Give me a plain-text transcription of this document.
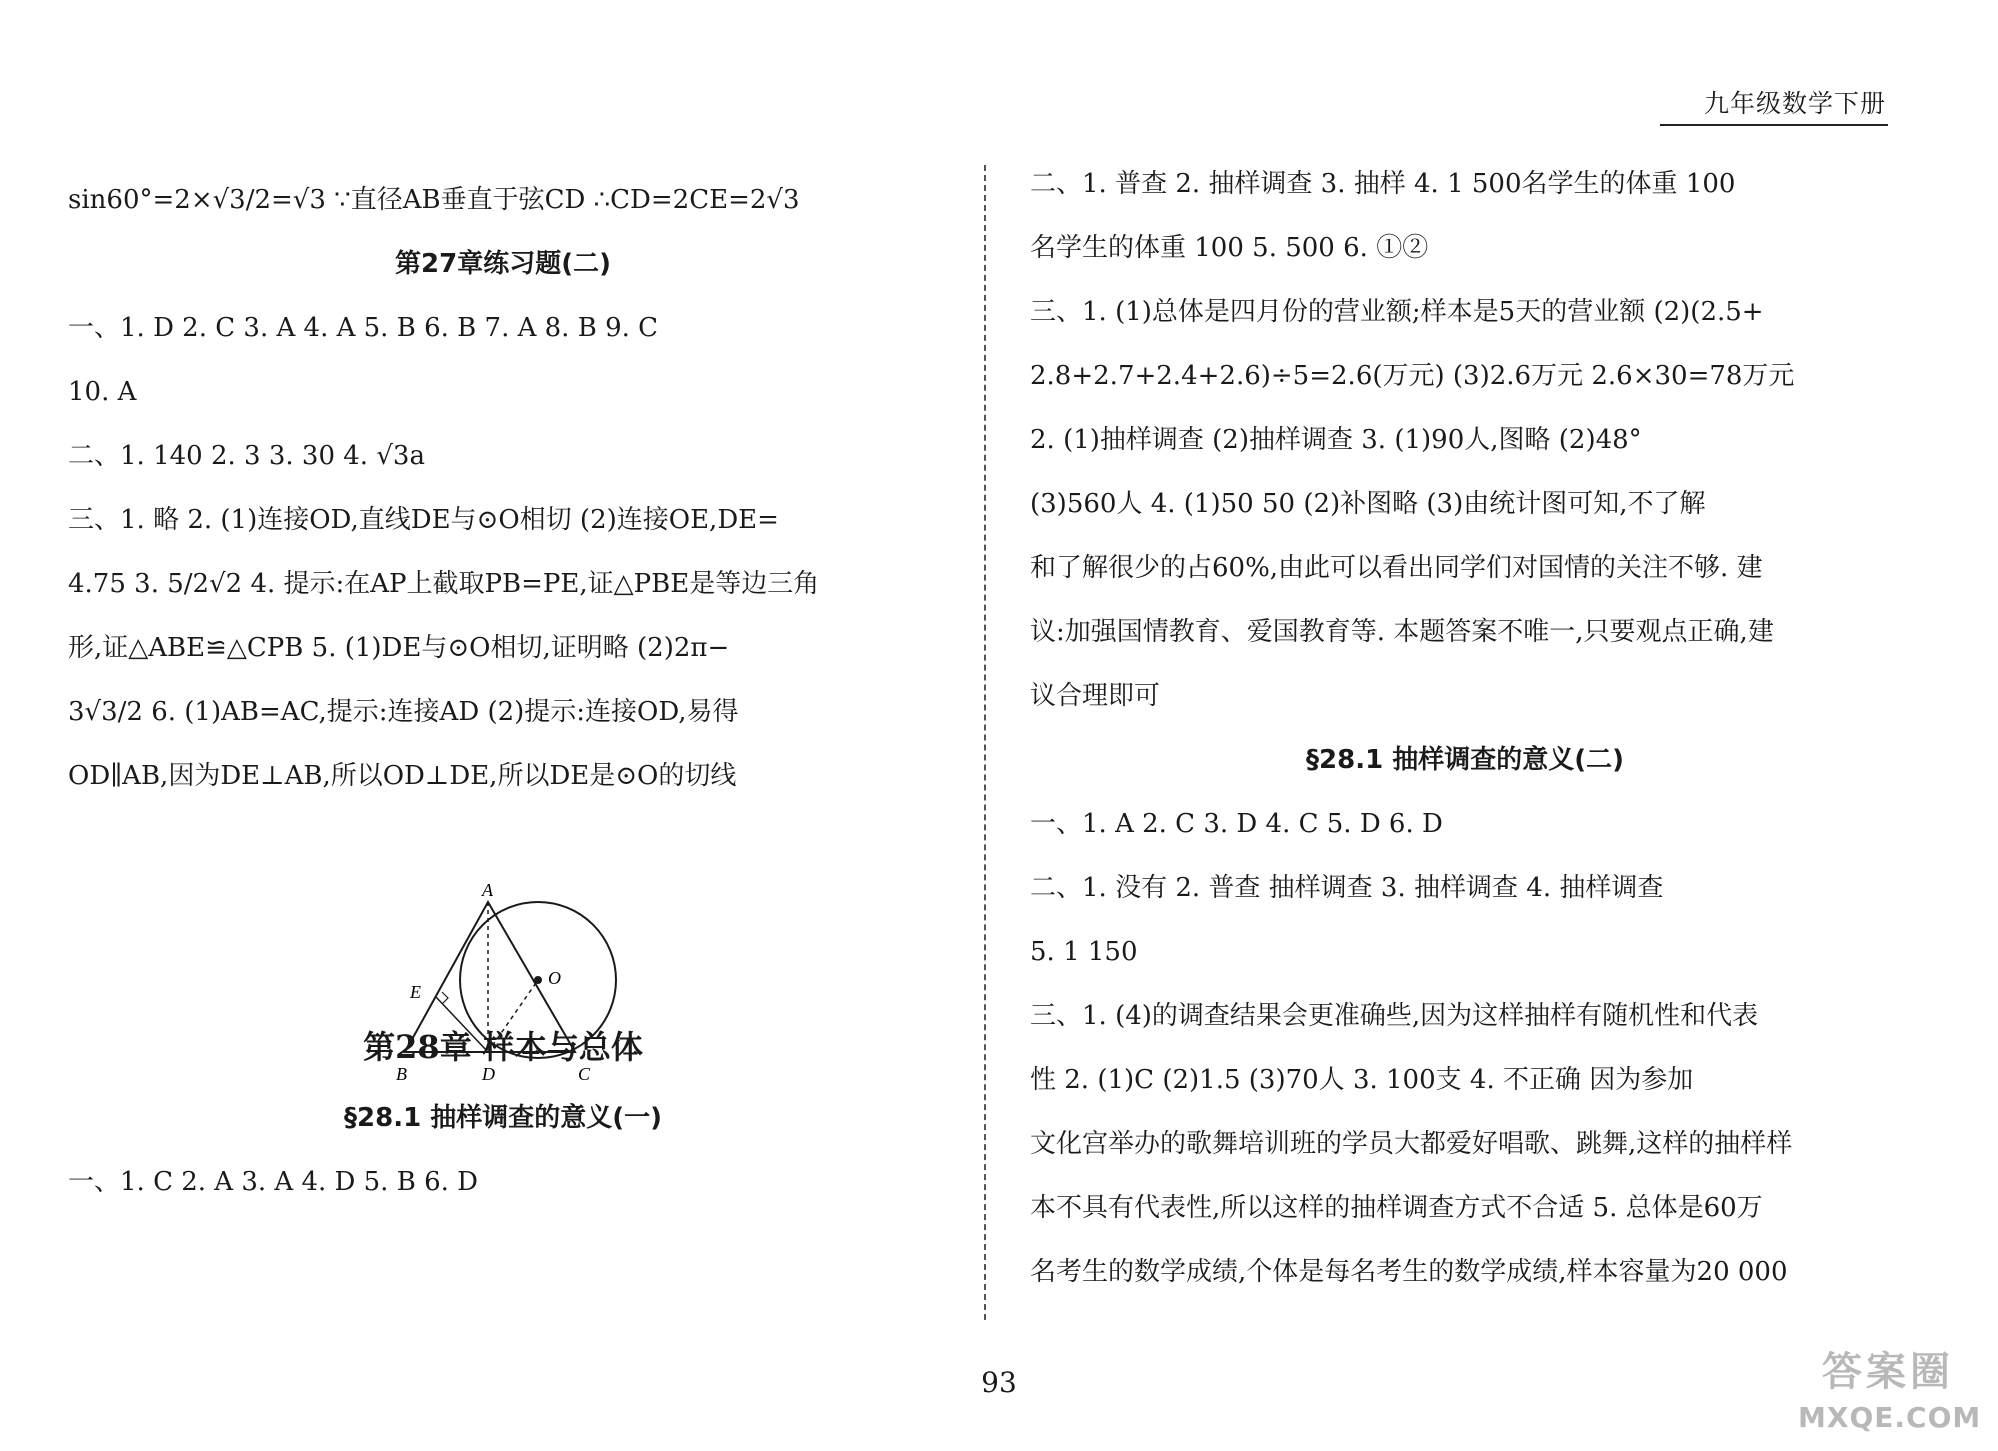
九年级数学下册
sin60°=2×√3/2=√3 ∵直径AB垂直于弦CD ∴CD=2CE=2√3
第27章练习题(二)
一、1. D 2. C 3. A 4. A 5. B 6. B 7. A 8. B 9. C
10. A
二、1. 140 2. 3 3. 30 4. √3a
三、1. 略 2. (1)连接OD,直线DE与⊙O相切 (2)连接OE,DE=
4.75 3. 5/2√2 4. 提示:在AP上截取PB=PE,证△PBE是等边三角
形,证△ABE≌△CPB 5. (1)DE与⊙O相切,证明略 (2)2π−
3√3/2 6. (1)AB=AC,提示:连接AD (2)提示:连接OD,易得
OD∥AB,因为DE⊥AB,所以OD⊥DE,所以DE是⊙O的切线
第28章 样本与总体
§28.1 抽样调查的意义(一)
一、1. C 2. A 3. A 4. D 5. B 6. D
A
O
E
B	D	C
二、1. 普查 2. 抽样调查 3. 抽样 4. 1 500名学生的体重 100
名学生的体重 100 5. 500 6. ①②
三、1. (1)总体是四月份的营业额;样本是5天的营业额 (2)(2.5+
2.8+2.7+2.4+2.6)÷5=2.6(万元) (3)2.6万元 2.6×30=78万元
2. (1)抽样调查 (2)抽样调查 3. (1)90人,图略 (2)48°
(3)560人 4. (1)50 50 (2)补图略 (3)由统计图可知,不了解
和了解很少的占60%,由此可以看出同学们对国情的关注不够. 建
议:加强国情教育、爱国教育等. 本题答案不唯一,只要观点正确,建
议合理即可
§28.1 抽样调查的意义(二)
一、1. A 2. C 3. D 4. C 5. D 6. D
二、1. 没有 2. 普查 抽样调查 3. 抽样调查 4. 抽样调查
5. 1 150
三、1. (4)的调查结果会更准确些,因为这样抽样有随机性和代表
性 2. (1)C (2)1.5 (3)70人 3. 100支 4. 不正确 因为参加
文化宫举办的歌舞培训班的学员大都爱好唱歌、跳舞,这样的抽样样
本不具有代表性,所以这样的抽样调查方式不合适 5. 总体是60万
名考生的数学成绩,个体是每名考生的数学成绩,样本容量为20 000
93	答案圈
MXQE.COM
